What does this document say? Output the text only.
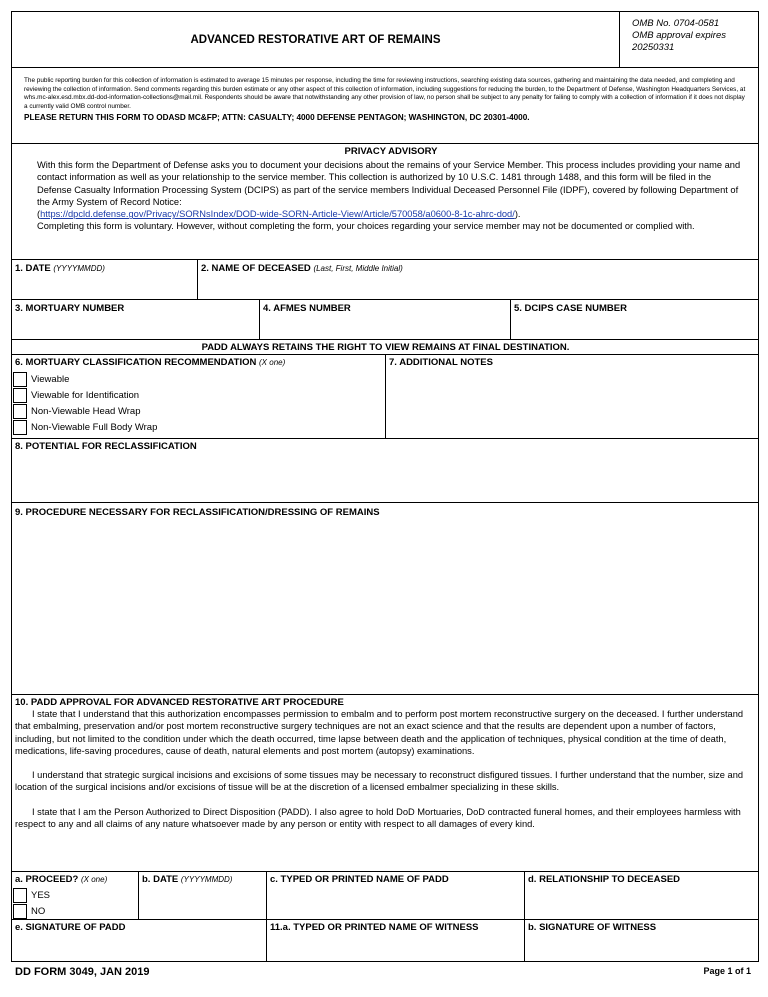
ADVANCED RESTORATIVE ART OF REMAINS
OMB No. 0704-0581
OMB approval expires
20250331
The public reporting burden for this collection of information is estimated to average 15 minutes per response, including the time for reviewing instructions, searching existing data sources, gathering and maintaining the data needed, and completing and reviewing the collection of information. Send comments regarding this burden estimate or any other aspect of this collection of information, including suggestions for reducing the burden, to the Department of Defense, Washington Headquarters Services, at whs.mc-alex.esd.mbx.dd-dod-information-collections@mail.mil. Respondents should be aware that notwithstanding any other provision of law, no person shall be subject to any penalty for failing to comply with a collection of information if it does not display a currently valid OMB control number.
PLEASE RETURN THIS FORM TO ODASD MC&FP; ATTN: CASUALTY; 4000 DEFENSE PENTAGON; WASHINGTON, DC 20301-4000.
PRIVACY ADVISORY
With this form the Department of Defense asks you to document your decisions about the remains of your Service Member. This process includes providing your name and contact information as well as your relationship to the service member. This collection is authorized by 10 U.S.C. 1481 through 1488, and this form will be filed in the Defense Casualty Information Processing System (DCIPS) as part of the service members Individual Deceased Personnel File (IDPF), covered by following Department of the Army System of Record Notice:
(https://dpcld.defense.gov/Privacy/SORNsIndex/DOD-wide-SORN-Article-View/Article/570058/a0600-8-1c-ahrc-dod/).
Completing this form is voluntary. However, without completing the form, your choices regarding your service member may not be documented or complied with.
1. DATE (YYYYMMDD)	2. NAME OF DECEASED (Last, First, Middle Initial)
3. MORTUARY NUMBER	4. AFMES NUMBER	5. DCIPS CASE NUMBER
PADD ALWAYS RETAINS THE RIGHT TO VIEW REMAINS AT FINAL DESTINATION.
6. MORTUARY CLASSIFICATION RECOMMENDATION (X one)
Viewable
Viewable for Identification
Non-Viewable Head Wrap
Non-Viewable Full Body Wrap
7. ADDITIONAL NOTES
8. POTENTIAL FOR RECLASSIFICATION
9. PROCEDURE NECESSARY FOR RECLASSIFICATION/DRESSING OF REMAINS
10. PADD APPROVAL FOR ADVANCED RESTORATIVE ART PROCEDURE
I state that I understand that this authorization encompasses permission to embalm and to perform post mortem reconstructive surgery on the deceased. I further understand that embalming, preservation and/or post mortem reconstructive surgery techniques are not an exact science and that the results are dependent upon a number of factors, including, but not limited to the condition under which the death occurred, time lapse between death and the application of techniques, physical condition at the time of death, medications, life-saving procedures, cause of death, natural elements and post mortem (autopsy) examinations.
I understand that strategic surgical incisions and excisions of some tissues may be necessary to reconstruct disfigured tissues. I further understand that the number, size and location of the surgical incisions and/or excisions of tissue will be at the discretion of a licensed embalmer specializing in these skills.
I state that I am the Person Authorized to Direct Disposition (PADD). I also agree to hold DoD Mortuaries, DoD contracted funeral homes, and their employees harmless with respect to any and all claims of any nature whatsoever made by any person or entity with respect to all damages of every kind.
a. PROCEED? (X one)
YES
NO
b. DATE (YYYYMMDD)	c. TYPED OR PRINTED NAME OF PADD	d. RELATIONSHIP TO DECEASED
e. SIGNATURE OF PADD	11.a. TYPED OR PRINTED NAME OF WITNESS	b. SIGNATURE OF WITNESS
DD FORM 3049, JAN 2019	Page 1 of 1
